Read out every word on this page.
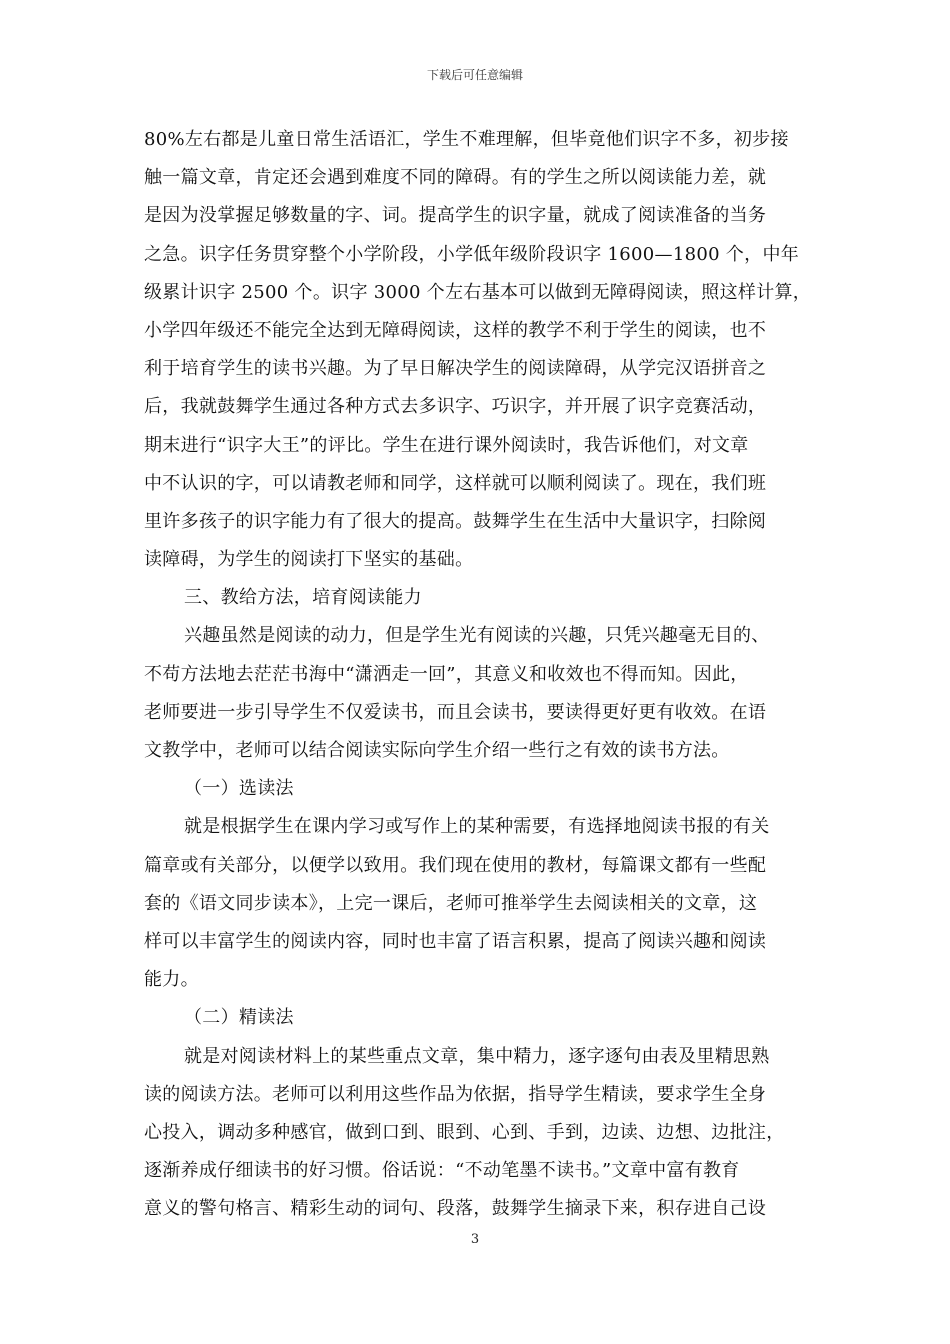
下载后可任意编辑
80%左右都是儿童日常生活语汇，学生不难理解，但毕竟他们识字不多，初步接
触一篇文章，肯定还会遇到难度不同的障碍。有的学生之所以阅读能力差，就
是因为没掌握足够数量的字、词。提高学生的识字量，就成了阅读准备的当务
之急。识字任务贯穿整个小学阶段，小学低年级阶段识字 1600—1800 个，中年
级累计识字 2500 个。识字 3000 个左右基本可以做到无障碍阅读，照这样计算，
小学四年级还不能完全达到无障碍阅读，这样的教学不利于学生的阅读，也不
利于培育学生的读书兴趣。为了早日解决学生的阅读障碍，从学完汉语拼音之
后，我就鼓舞学生通过各种方式去多识字、巧识字，并开展了识字竞赛活动，
期末进行“识字大王”的评比。学生在进行课外阅读时，我告诉他们，对文章
中不认识的字，可以请教老师和同学，这样就可以顺利阅读了。现在，我们班
里许多孩子的识字能力有了很大的提高。鼓舞学生在生活中大量识字，扫除阅
读障碍，为学生的阅读打下坚实的基础。
三、教给方法，培育阅读能力
兴趣虽然是阅读的动力，但是学生光有阅读的兴趣，只凭兴趣毫无目的、
不苟方法地去茫茫书海中“潇洒走一回”，其意义和收效也不得而知。因此，
老师要进一步引导学生不仅爱读书，而且会读书，要读得更好更有收效。在语
文教学中，老师可以结合阅读实际向学生介绍一些行之有效的读书方法。
（一）选读法
就是根据学生在课内学习或写作上的某种需要，有选择地阅读书报的有关
篇章或有关部分，以便学以致用。我们现在使用的教材，每篇课文都有一些配
套的《语文同步读本》，上完一课后，老师可推举学生去阅读相关的文章，这
样可以丰富学生的阅读内容，同时也丰富了语言积累，提高了阅读兴趣和阅读
能力。
（二）精读法
就是对阅读材料上的某些重点文章，集中精力，逐字逐句由表及里精思熟
读的阅读方法。老师可以利用这些作品为依据，指导学生精读，要求学生全身
心投入，调动多种感官，做到口到、眼到、心到、手到，边读、边想、边批注，
逐渐养成仔细读书的好习惯。俗话说：“不动笔墨不读书。”文章中富有教育
意义的警句格言、精彩生动的词句、段落，鼓舞学生摘录下来，积存进自己设
3
